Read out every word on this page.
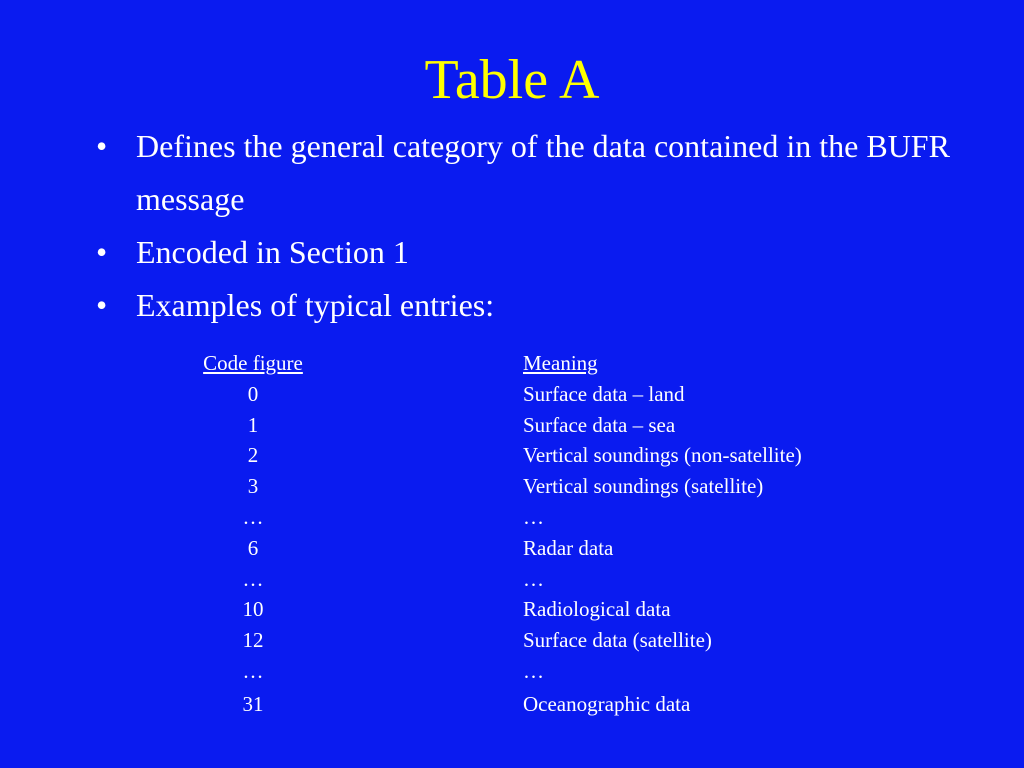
Table A
• Defines the general category of the data contained in the BUFR message
• Encoded in Section 1
• Examples of typical entries:
Code figure	Meaning
0	Surface data – land
1	Surface data – sea
2	Vertical soundings (non-satellite)
3	Vertical soundings (satellite)
…	…
6	Radar data
…	…
10	Radiological data
12	Surface data (satellite)
…	…
31	Oceanographic data
